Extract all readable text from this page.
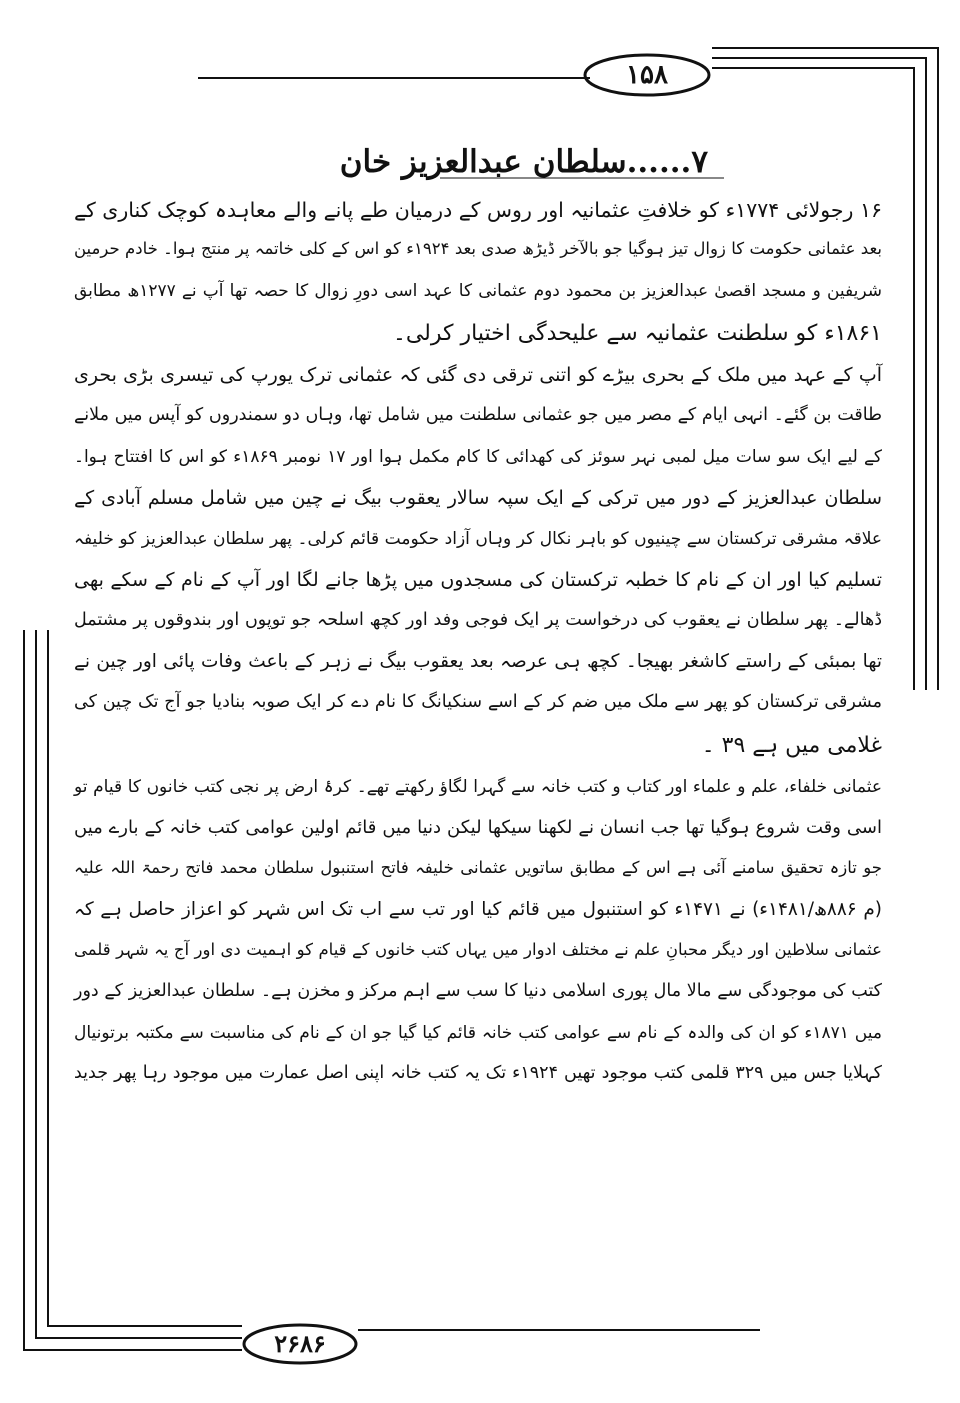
۱۵۸
۲۶۸۶
۷......سلطان عبدالعزیز خان
۱۶ رجولائی ۱۷۷۴ء کو خلافتِ عثمانیہ اور روس کے درمیان طے پانے والے معاہدہ کوچک کناری کے
بعد عثمانی حکومت کا زوال تیز ہوگیا جو بالآخر ڈیڑھ صدی بعد ۱۹۲۴ء کو اس کے کلی خاتمہ پر منتج ہوا۔ خادم حرمین
شریفین و مسجد اقصیٰ عبدالعزیز بن محمود دوم عثمانی کا عہد اسی دورِ زوال کا حصہ تھا آپ نے ۱۲۷۷ھ مطابق
۱۸۶۱ء کو سلطنت عثمانیہ سے علیحدگی اختیار کرلی۔
آپ کے عہد میں ملک کے بحری بیڑے کو اتنی ترقی دی گئی کہ عثمانی ترک یورپ کی تیسری بڑی بحری
طاقت بن گئے۔ انہی ایام کے مصر میں جو عثمانی سلطنت میں شامل تھا، وہاں دو سمندروں کو آپس میں ملانے
کے لیے ایک سو سات میل لمبی نہر سوئز کی کھدائی کا کام مکمل ہوا اور ۱۷ نومبر ۱۸۶۹ء کو اس کا افتتاح ہوا۔
سلطان عبدالعزیز کے دور میں ترکی کے ایک سپہ سالار یعقوب بیگ نے چین میں شامل مسلم آبادی کے
علاقہ مشرقی ترکستان سے چینیوں کو باہر نکال کر وہاں آزاد حکومت قائم کرلی۔ پھر سلطان عبدالعزیز کو خلیفہ
تسلیم کیا اور ان کے نام کا خطبہ ترکستان کی مسجدوں میں پڑھا جانے لگا اور آپ کے نام کے سکے بھی
ڈھالے۔ پھر سلطان نے یعقوب کی درخواست پر ایک فوجی وفد اور کچھ اسلحہ جو توپوں اور بندوقوں پر مشتمل
تھا بمبئی کے راستے کاشغر بھیجا۔ کچھ ہی عرصہ بعد یعقوب بیگ نے زہر کے باعث وفات پائی اور چین نے
مشرقی ترکستان کو پھر سے ملک میں ضم کر کے اسے سنکیانگ کا نام دے کر ایک صوبہ بنادیا جو آج تک چین کی
غلامی میں ہے ۳۹ ۔
عثمانی خلفاء، علم و علماء اور کتاب و کتب خانہ سے گہرا لگاؤ رکھتے تھے۔ کرۂ ارض پر نجی کتب خانوں کا قیام تو
اسی وقت شروع ہوگیا تھا جب انسان نے لکھنا سیکھا لیکن دنیا میں قائم اولین عوامی کتب خانہ کے بارے میں
جو تازہ تحقیق سامنے آئی ہے اس کے مطابق ساتویں عثمانی خلیفہ فاتح استنبول سلطان محمد فاتح رحمۃ اللہ علیہ
(م ۸۸۶ھ/۱۴۸۱ء) نے ۱۴۷۱ء کو استنبول میں قائم کیا اور تب سے اب تک اس شہر کو اعزاز حاصل ہے کہ
عثمانی سلاطین اور دیگر محبانِ علم نے مختلف ادوار میں یہاں کتب خانوں کے قیام کو اہمیت دی اور آج یہ شہر قلمی
کتب کی موجودگی سے مالا مال پوری اسلامی دنیا کا سب سے اہم مرکز و مخزن ہے۔ سلطان عبدالعزیز کے دور
میں ۱۸۷۱ء کو ان کی والدہ کے نام سے عوامی کتب خانہ قائم کیا گیا جو ان کے نام کی مناسبت سے مکتبہ برتونیال
کہلایا جس میں ۳۲۹ قلمی کتب موجود تھیں ۱۹۲۴ء تک یہ کتب خانہ اپنی اصل عمارت میں موجود رہا پھر جدید
